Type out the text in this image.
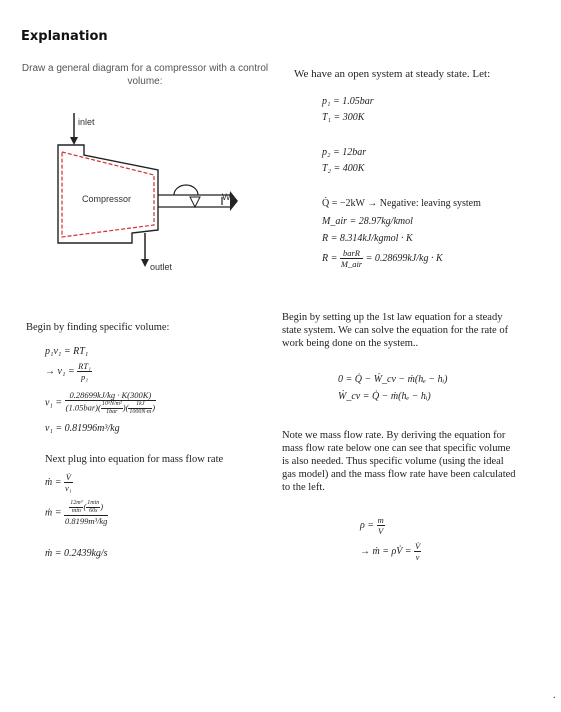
Explanation
Draw a general diagram for a compressor with a control volume:
inlet
Compressor	Wᵢₙ
outlet
We have an open system at steady state. Let:
p₁ = 1.05bar
T₁ = 300K
p₂ = 12bar
T₂ = 400K
Q̇ = −2kW → Negative: leaving system
M_air = 28.97kg/kmol
R = 8.314kJ/kgmol · K
$R = \frac{\text{barR}}{\text{M\_air}} = 0.28699kJ/kg \cdot K$
Begin by finding specific volume:
p₁v₁ = RT₁
→ $v_1 = \frac{\text{RT₁}}{\text{p₁}}$
v₁ = 0.28699kJ/kg · K(300K)
(1.05bar)( 10⁵N/m²
1bar )( $\frac{1kJ}{1000N\cdot m}$ )
v₁ = 0.81996m³/kg
Next plug into equation for mass flow rate
ṁ = $\frac{V̇}{\text{v₁}}$
ṁ = 12m³
min ( 1min
60s )
0.8199m³/kg
ṁ = 0.2439kg/s
Begin by setting up the 1st law equation for a steady state system. We can solve the equation for the rate of work being done on the system..
0 = Q̇ − Ẇ_cv − ṁ(hₑ − hᵢ)
Ẇ_cv = Q̇ − ṁ(hₑ − hᵢ)
Note we mass flow rate. By deriving the equation for mass flow rate below one can see that specific volume is also needed. Thus specific volume (using the ideal gas model) and the mass flow rate have been calculated to the left.
$\rho = \frac{m}{V}$
→ ṁ = ρV̇ = $\frac{V̇}{v}$
.
